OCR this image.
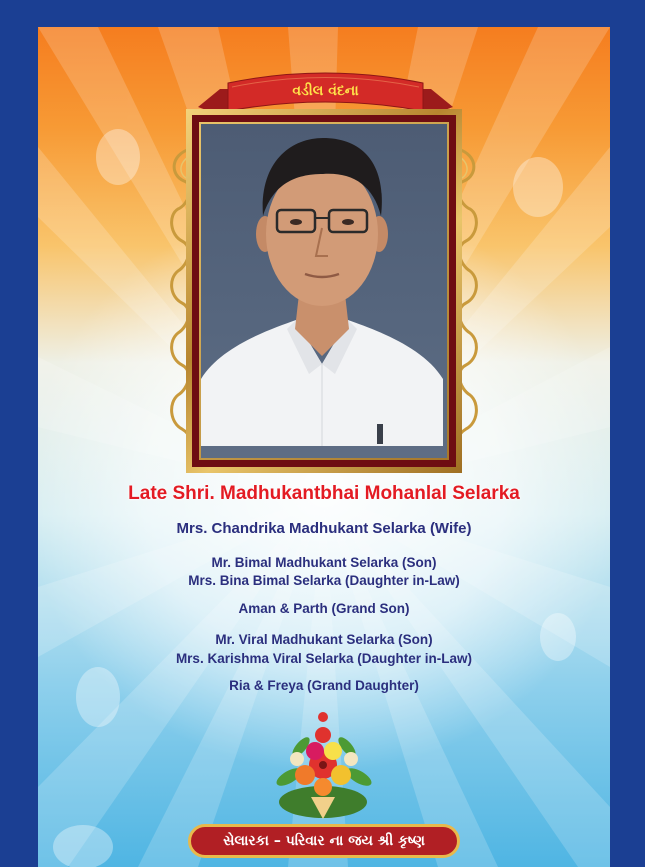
વડીલ વંદના
Late Shri. Madhukantbhai Mohanlal Selarka
Mrs. Chandrika Madhukant Selarka (Wife)
Mr. Bimal Madhukant Selarka (Son)
Mrs. Bina Bimal Selarka (Daughter in-Law)
Aman & Parth (Grand Son)
Mr. Viral Madhukant Selarka (Son)
Mrs. Karishma Viral Selarka (Daughter in-Law)
Ria & Freya (Grand Daughter)
સેલારકા – પરિવાર ના જય શ્રી કૃષ્ણ
